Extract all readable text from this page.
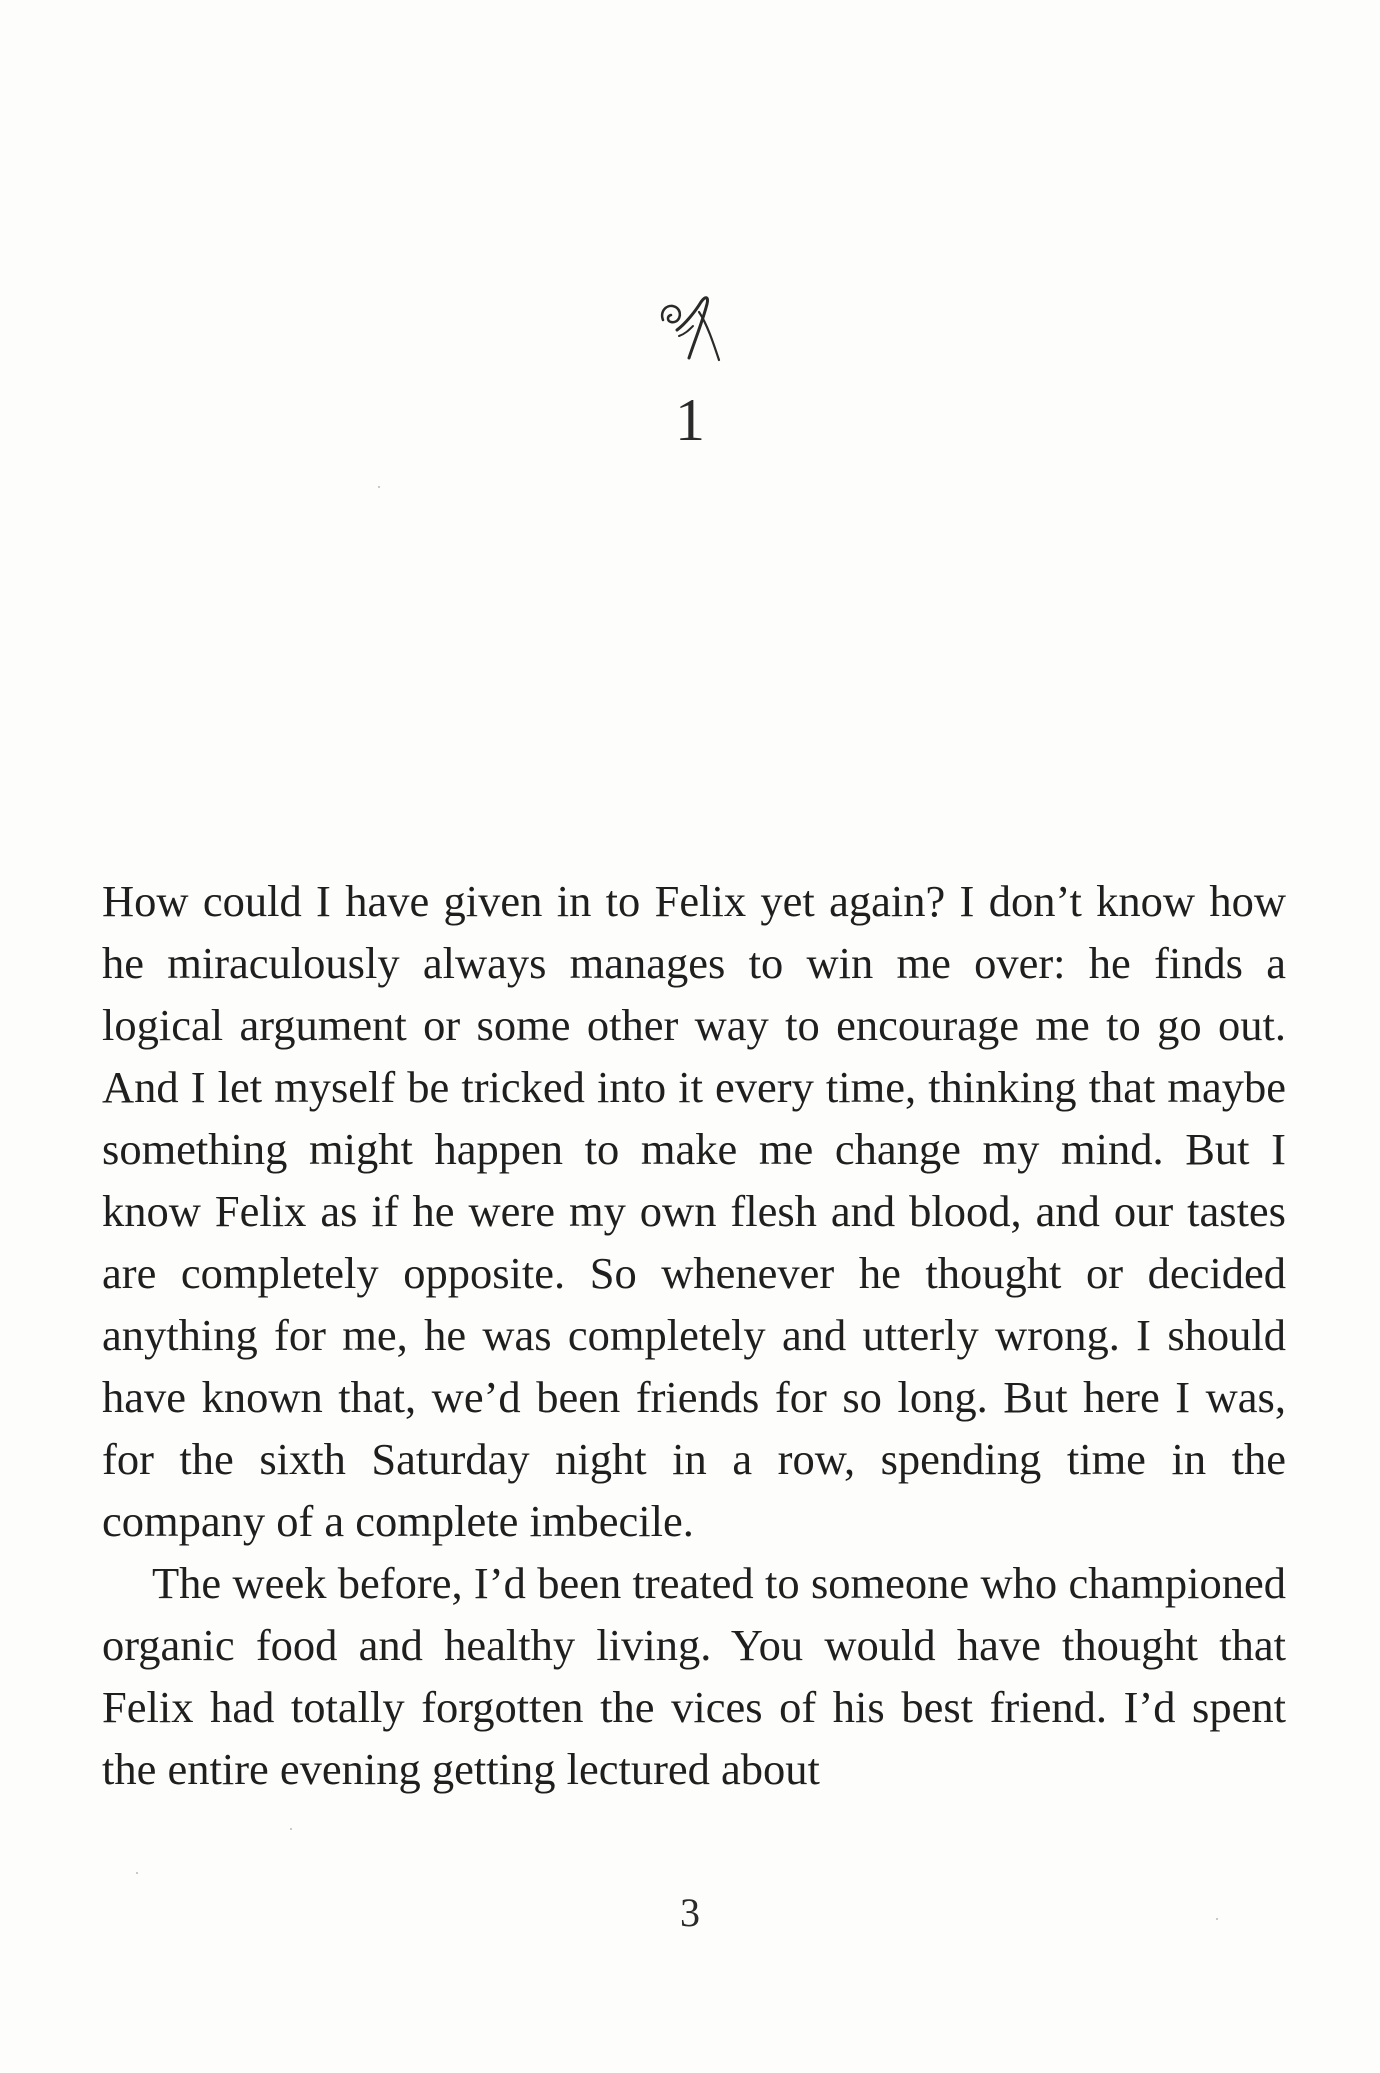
1

How could I have given in to Felix yet again? I don’t know how he miraculously always manages to win me over: he finds a logical argument or some other way to encourage me to go out. And I let myself be tricked into it every time, thinking that maybe something might happen to make me change my mind. But I know Felix as if he were my own flesh and blood, and our tastes are completely opposite. So whenever he thought or decided anything for me, he was completely and utterly wrong. I should have known that, we’d been friends for so long. But here I was, for the sixth Saturday night in a row, spending time in the company of a complete imbecile.

The week before, I’d been treated to someone who championed organic food and healthy living. You would have thought that Felix had totally forgotten the vices of his best friend. I’d spent the entire evening getting lectured about

3
